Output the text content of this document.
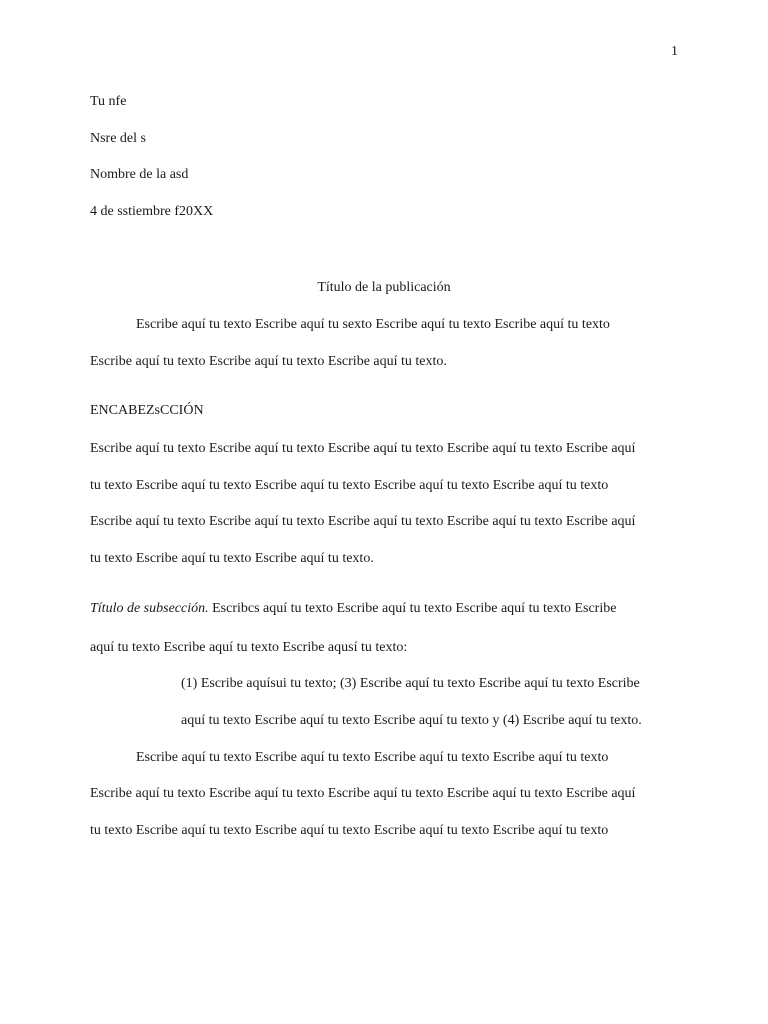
1
Tu nfe
Nsre del s
Nombre de la asd
4 de sstiembre f20XX
Título de la publicación
Escribe aquí tu texto Escribe aquí tu sexto Escribe aquí tu texto Escribe aquí tu texto
Escribe aquí tu texto Escribe aquí tu texto Escribe aquí tu texto.
ENCABEZsCCIÓN
Escribe aquí tu texto Escribe aquí tu texto Escribe aquí tu texto Escribe aquí tu texto Escribe aquí
tu texto Escribe aquí tu texto Escribe aquí tu texto Escribe aquí tu texto Escribe aquí tu texto
Escribe aquí tu texto Escribe aquí tu texto Escribe aquí tu texto Escribe aquí tu texto Escribe aquí
tu texto Escribe aquí tu texto Escribe aquí tu texto.
Título de subsección. Escribcs aquí tu texto Escribe aquí tu texto Escribe aquí tu texto Escribe
aquí tu texto Escribe aquí tu texto Escribe aqusí tu texto:
(1) Escribe aquísui tu texto; (3) Escribe aquí tu texto Escribe aquí tu texto Escribe
aquí tu texto Escribe aquí tu texto Escribe aquí tu texto y (4) Escribe aquí tu texto.
Escribe aquí tu texto Escribe aquí tu texto Escribe aquí tu texto Escribe aquí tu texto
Escribe aquí tu texto Escribe aquí tu texto Escribe aquí tu texto Escribe aquí tu texto Escribe aquí
tu texto Escribe aquí tu texto Escribe aquí tu texto Escribe aquí tu texto Escribe aquí tu texto
